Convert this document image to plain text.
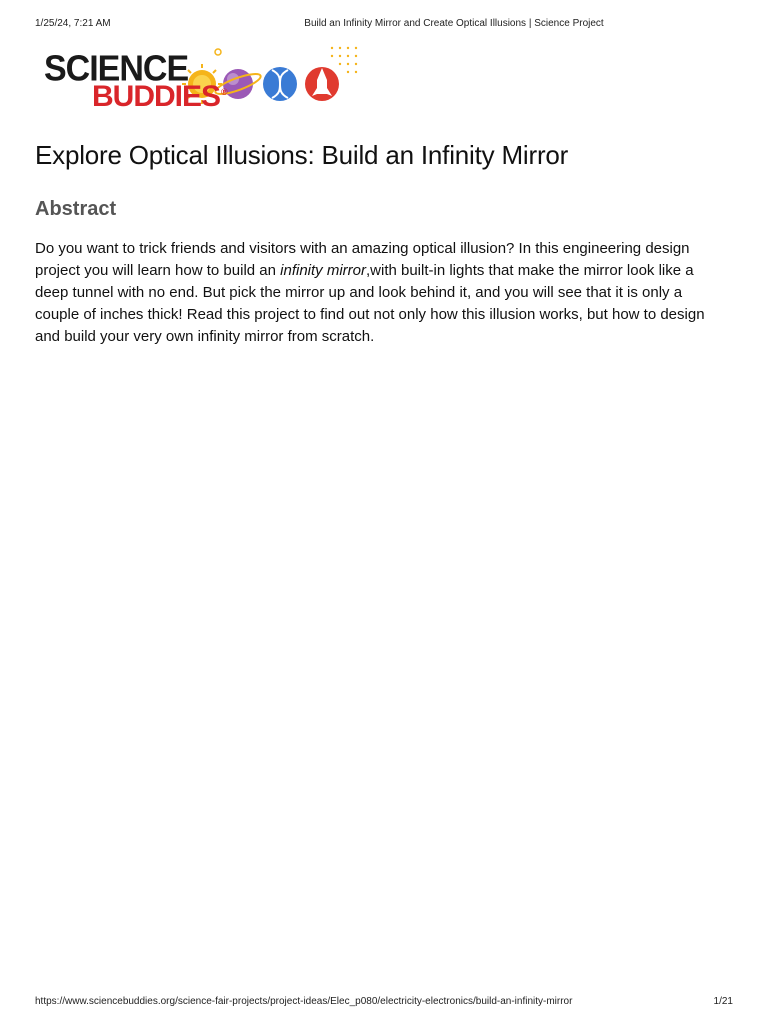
1/25/24, 7:21 AM	Build an Infinity Mirror and Create Optical Illusions | Science Project
SCIENCE
BUDDIES®
Explore Optical Illusions: Build an Infinity Mirror
Abstract

Do you want to trick friends and visitors with an amazing optical illusion? In this engineering design project you will learn how to build an infinity mirror,with built-in lights that make the mirror look like a deep tunnel with no end. But pick the mirror up and look behind it, and you will see that it is only a couple of inches thick! Read this project to find out not only how this illusion works, but how to design and build your very own infinity mirror from scratch.

https://www.sciencebuddies.org/science-fair-projects/project-ideas/Elec_p080/electricity-electronics/build-an-infinity-mirror	1/21
